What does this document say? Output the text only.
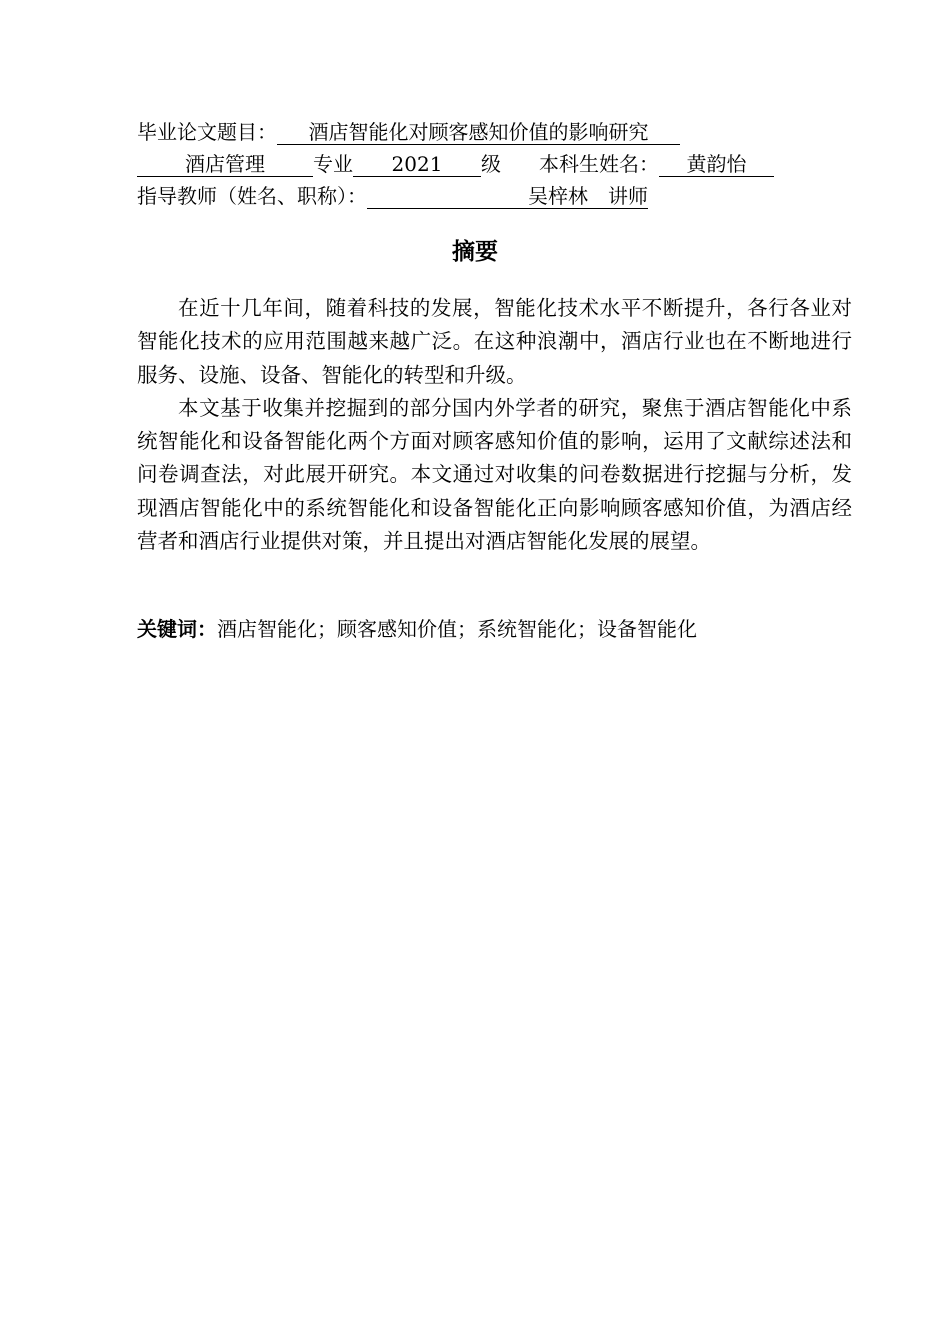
毕业论文题目： 酒店智能化对顾客感知价值的影响研究
酒店管理 专业 2021 级 本科生姓名： 黄韵怡
指导教师（姓名、职称）：	吴梓林　讲师
摘要

在近十几年间，随着科技的发展，智能化技术水平不断提升，各行各业对智能化技术的应用范围越来越广泛。在这种浪潮中，酒店行业也在不断地进行服务、设施、设备、智能化的转型和升级。

本文基于收集并挖掘到的部分国内外学者的研究，聚焦于酒店智能化中系统智能化和设备智能化两个方面对顾客感知价值的影响，运用了文献综述法和问卷调查法，对此展开研究。本文通过对收集的问卷数据进行挖掘与分析，发现酒店智能化中的系统智能化和设备智能化正向影响顾客感知价值，为酒店经营者和酒店行业提供对策，并且提出对酒店智能化发展的展望。

关键词：酒店智能化；顾客感知价值；系统智能化；设备智能化
